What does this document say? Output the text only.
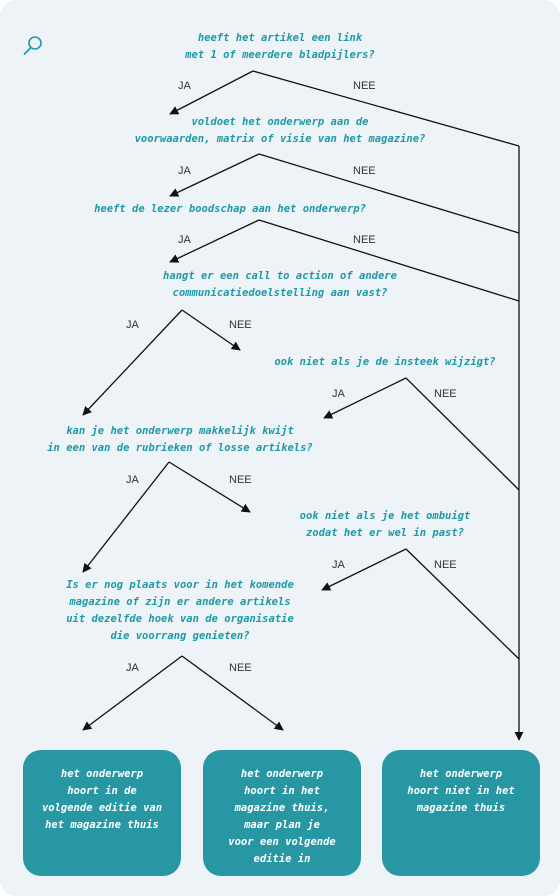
heeft het artikel een link
met 1 of meerdere bladpijlers?
voldoet het onderwerp aan de
voorwaarden, matrix of visie van het magazine?
heeft de lezer boodschap aan het onderwerp?
hangt er een call to action of andere
communicatiedoelstelling aan vast?
ook niet als je de insteek wijzigt?
kan je het onderwerp makkelijk kwijt
in een van de rubrieken of losse artikels?
ook niet als je het ombuigt
zodat het er wel in past?
Is er nog plaats voor in het komende
magazine of zijn er andere artikels
uit dezelfde hoek van de organisatie
die voorrang genieten?
JA	NEE
JA	NEE
JA	NEE
JA	NEE
JA	NEE
JA	NEE
JA	NEE
JA	NEE
het onderwerp
hoort in de
volgende editie van
het magazine thuis
het onderwerp
hoort in het
magazine thuis,
maar plan je
voor een volgende
editie in
het onderwerp
hoort niet in het
magazine thuis
